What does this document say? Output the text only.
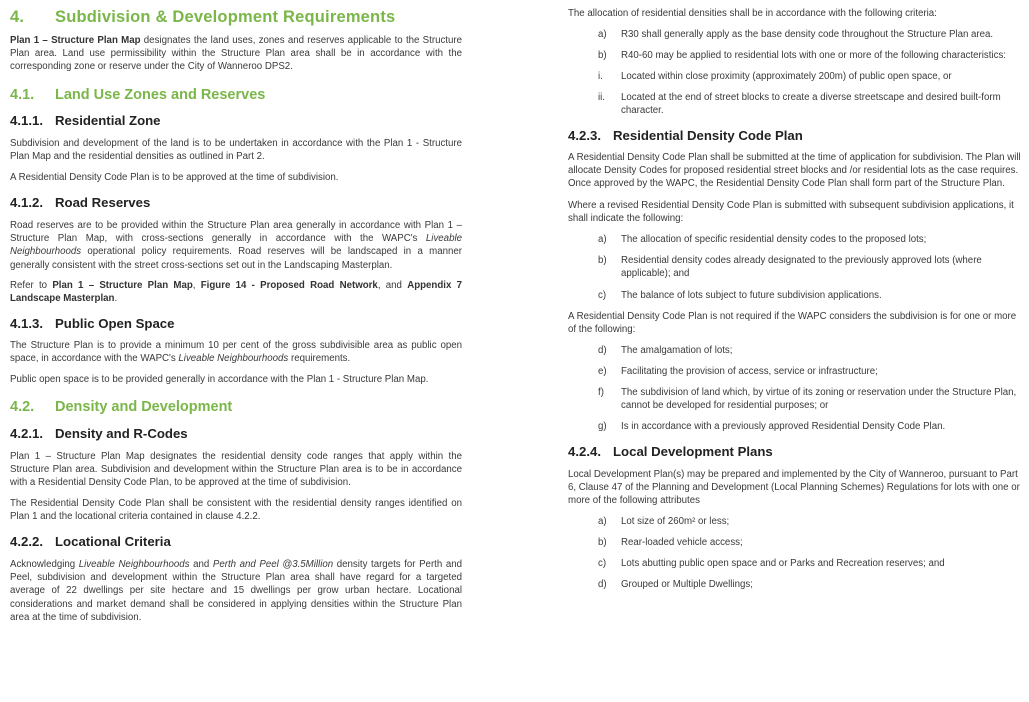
4. Subdivision & Development Requirements

Plan 1 – Structure Plan Map designates the land uses, zones and reserves applicable to the Structure Plan area. Land use permissibility within the Structure Plan area shall be in accordance with the corresponding zone or reserve under the City of Wanneroo DPS2.

4.1. Land Use Zones and Reserves
4.1.1. Residential Zone

Subdivision and development of the land is to be undertaken in accordance with the Plan 1 - Structure Plan Map and the residential densities as outlined in Part 2.

A Residential Density Code Plan is to be approved at the time of subdivision.

4.1.2. Road Reserves

Road reserves are to be provided within the Structure Plan area generally in accordance with Plan 1 – Structure Plan Map, with cross-sections generally in accordance with the WAPC's Liveable Neighbourhoods operational policy requirements. Road reserves will be landscaped in a manner generally consistent with the street cross-sections set out in the Landscaping Masterplan.

Refer to Plan 1 – Structure Plan Map, Figure 14 - Proposed Road Network, and Appendix 7 Landscape Masterplan.

4.1.3. Public Open Space

The Structure Plan is to provide a minimum 10 per cent of the gross subdivisible area as public open space, in accordance with the WAPC's Liveable Neighbourhoods requirements.

Public open space is to be provided generally in accordance with the Plan 1 - Structure Plan Map.

4.2. Density and Development
4.2.1. Density and R-Codes

Plan 1 – Structure Plan Map designates the residential density code ranges that apply within the Structure Plan area. Subdivision and development within the Structure Plan area is to be in accordance with a Residential Density Code Plan, to be approved at the time of subdivision.

The Residential Density Code Plan shall be consistent with the residential density ranges identified on Plan 1 and the locational criteria contained in clause 4.2.2.

4.2.2. Locational Criteria

Acknowledging Liveable Neighbourhoods and Perth and Peel @3.5Million density targets for Perth and Peel, subdivision and development within the Structure Plan area shall have regard for a targeted average of 22 dwellings per site hectare and 15 dwellings per grow urban hectare. Locational considerations and market demand shall be considered in applying densities within the Structure Plan area at the time of subdivision.

The allocation of residential densities shall be in accordance with the following criteria:

a)	R30 shall generally apply as the base density code throughout the Structure Plan area.
b)	R40-60 may be applied to residential lots with one or more of the following characteristics:
i.	Located within close proximity (approximately 200m) of public open space, or
ii.	Located at the end of street blocks to create a diverse streetscape and desired built-form character.
4.2.3. Residential Density Code Plan

A Residential Density Code Plan shall be submitted at the time of application for subdivision. The Plan will allocate Density Codes for proposed residential street blocks and /or residential lots as the case requires. Once approved by the WAPC, the Residential Density Code Plan shall form part of the Structure Plan.

Where a revised Residential Density Code Plan is submitted with subsequent subdivision applications, it shall indicate the following:

a)	The allocation of specific residential density codes to the proposed lots;
b)	Residential density codes already designated to the previously approved lots (where applicable); and
c)	The balance of lots subject to future subdivision applications.

A Residential Density Code Plan is not required if the WAPC considers the subdivision is for one or more of the following:

d)	The amalgamation of lots;
e)	Facilitating the provision of access, service or infrastructure;
f)	The subdivision of land which, by virtue of its zoning or reservation under the Structure Plan, cannot be developed for residential purposes; or
g)	Is in accordance with a previously approved Residential Density Code Plan.
4.2.4. Local Development Plans

Local Development Plan(s) may be prepared and implemented by the City of Wanneroo, pursuant to Part 6, Clause 47 of the Planning and Development (Local Planning Schemes) Regulations for lots with one or more of the following attributes

a)	Lot size of 260m² or less;
b)	Rear-loaded vehicle access;
c)	Lots abutting public open space and or Parks and Recreation reserves; and
d)	Grouped or Multiple Dwellings;
